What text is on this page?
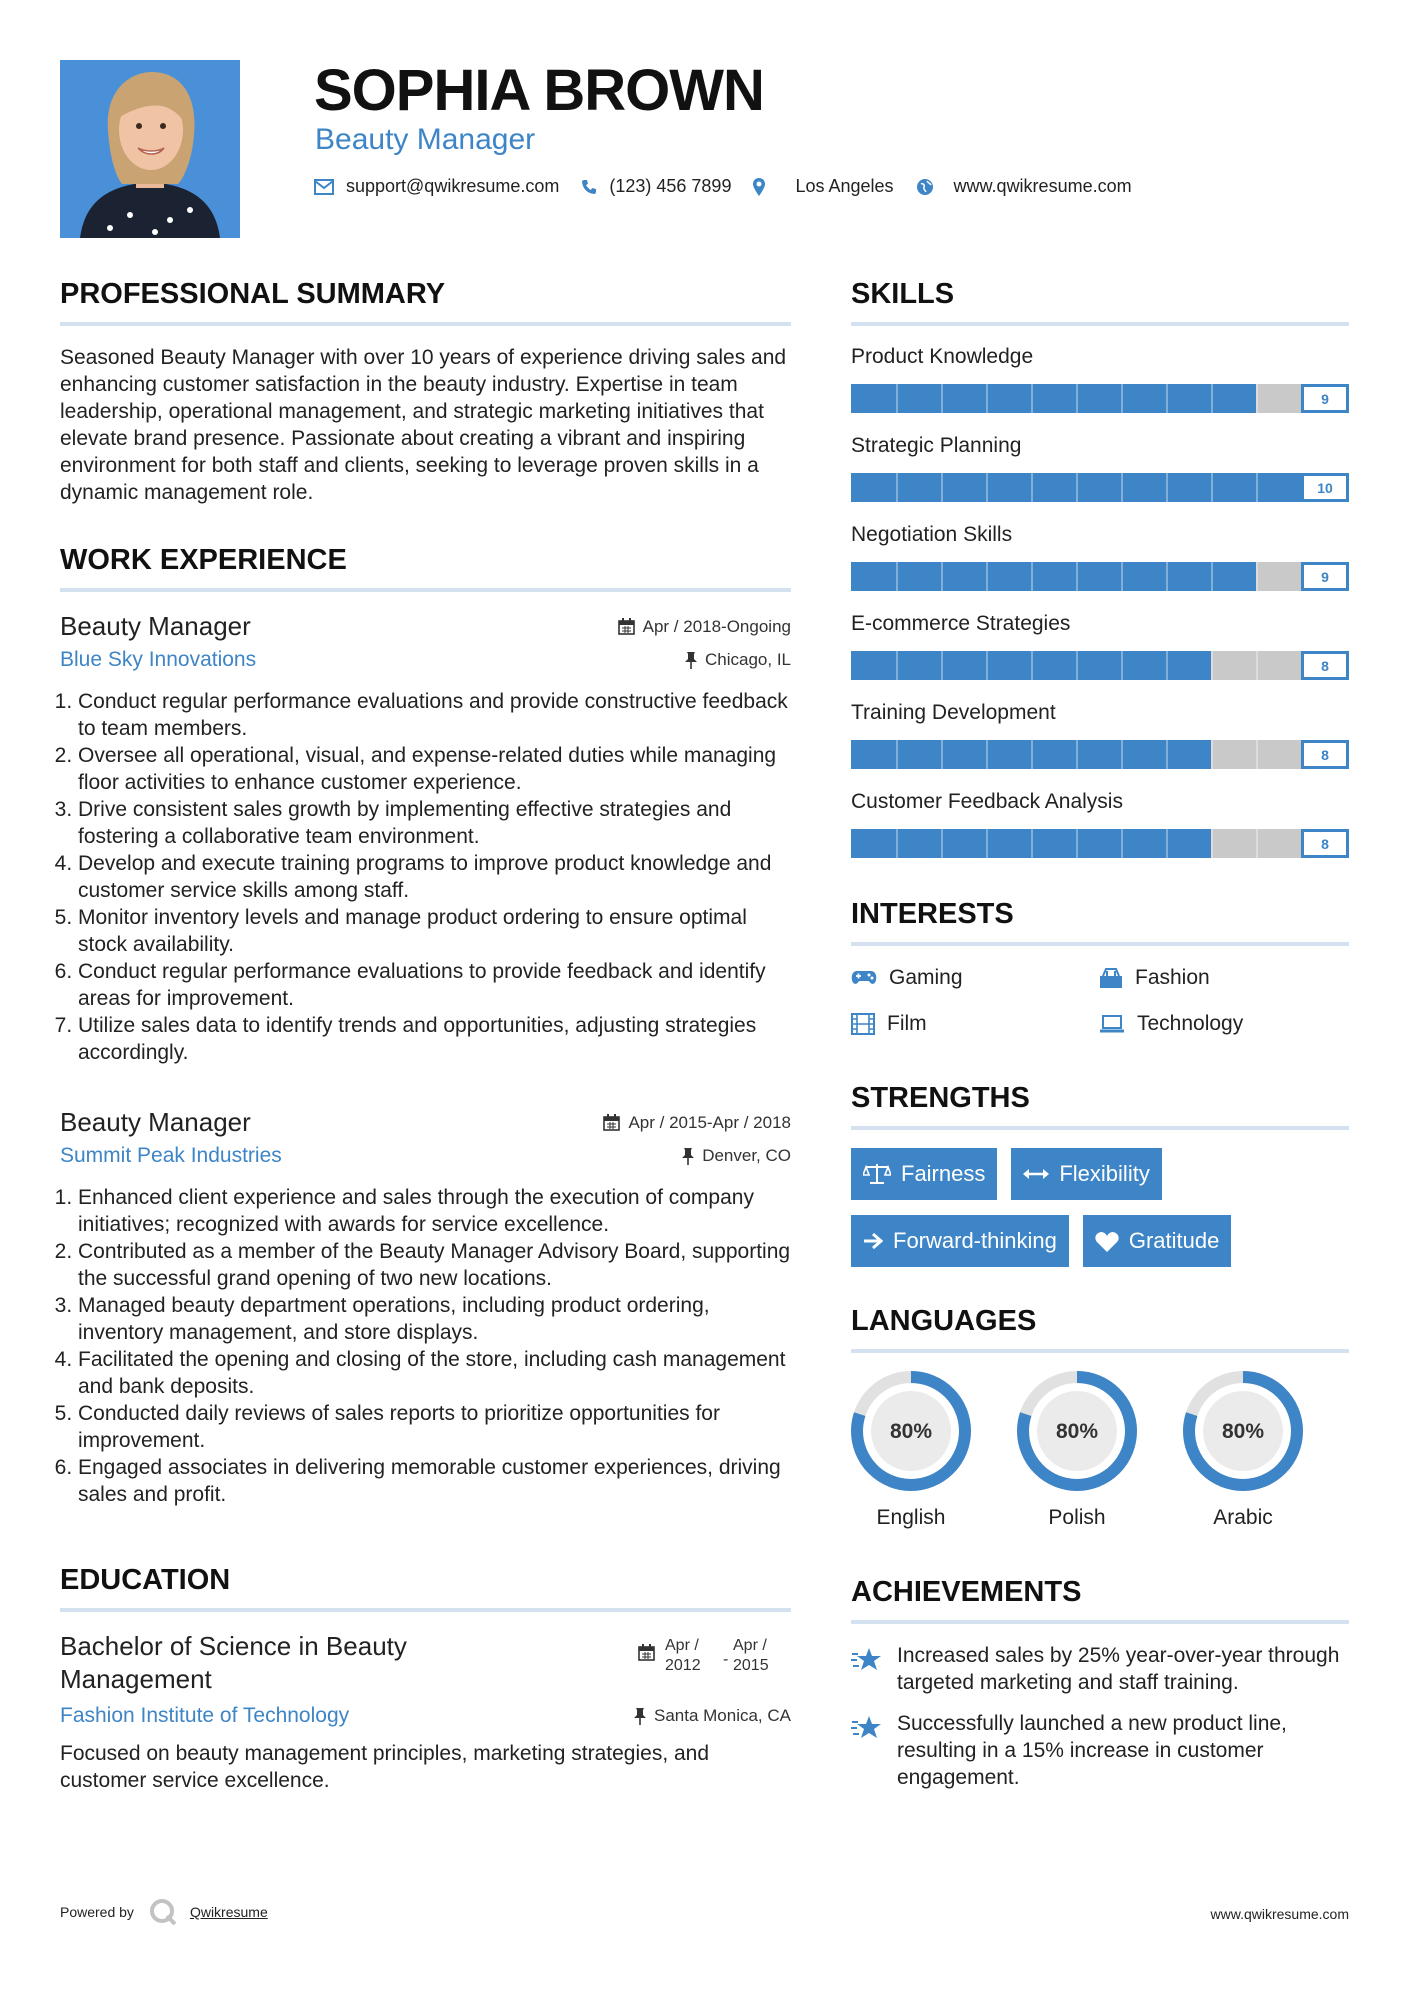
SOPHIA BROWN
Beauty Manager
support@qwikresume.com	(123) 456 7899	Los Angeles	www.qwikresume.com
PROFESSIONAL SUMMARY

Seasoned Beauty Manager with over 10 years of experience driving sales and enhancing customer satisfaction in the beauty industry. Expertise in team leadership, operational management, and strategic marketing initiatives that elevate brand presence. Passionate about creating a vibrant and inspiring environment for both staff and clients, seeking to leverage proven skills in a dynamic management role.

WORK EXPERIENCE
Beauty Manager	Apr / 2018-Ongoing
Blue Sky Innovations	Chicago, IL
1. Conduct regular performance evaluations and provide constructive feedback to team members.
2. Oversee all operational, visual, and expense-related duties while managing floor activities to enhance customer experience.
3. Drive consistent sales growth by implementing effective strategies and fostering a collaborative team environment.
4. Develop and execute training programs to improve product knowledge and customer service skills among staff.
5. Monitor inventory levels and manage product ordering to ensure optimal stock availability.
6. Conduct regular performance evaluations to provide feedback and identify areas for improvement.
7. Utilize sales data to identify trends and opportunities, adjusting strategies accordingly.
Beauty Manager	Apr / 2015-Apr / 2018
Summit Peak Industries	Denver, CO
1. Enhanced client experience and sales through the execution of company initiatives; recognized with awards for service excellence.
2. Contributed as a member of the Beauty Manager Advisory Board, supporting the successful grand opening of two new locations.
3. Managed beauty department operations, including product ordering, inventory management, and store displays.
4. Facilitated the opening and closing of the store, including cash management and bank deposits.
5. Conducted daily reviews of sales reports to prioritize opportunities for improvement.
6. Engaged associates in delivering memorable customer experiences, driving sales and profit.
EDUCATION
Bachelor of Science in Beauty Management
Apr /
2012	-
Apr /
2015
Fashion Institute of Technology	Santa Monica, CA

Focused on beauty management principles, marketing strategies, and customer service excellence.

SKILLS
Product Knowledge
9
Strategic Planning
10
Negotiation Skills
9
E-commerce Strategies
8
Training Development
8
Customer Feedback Analysis
8
INTERESTS
Gaming	Fashion
Film	Technology
STRENGTHS
Fairness	Flexibility
Forward-thinking	Gratitude
LANGUAGES
80%
English
80%
Polish
80%
Arabic
ACHIEVEMENTS
Increased sales by 25% year-over-year through targeted marketing and staff training.
Successfully launched a new product line, resulting in a 15% increase in customer engagement.
Powered by	Qwikresume	www.qwikresume.com
